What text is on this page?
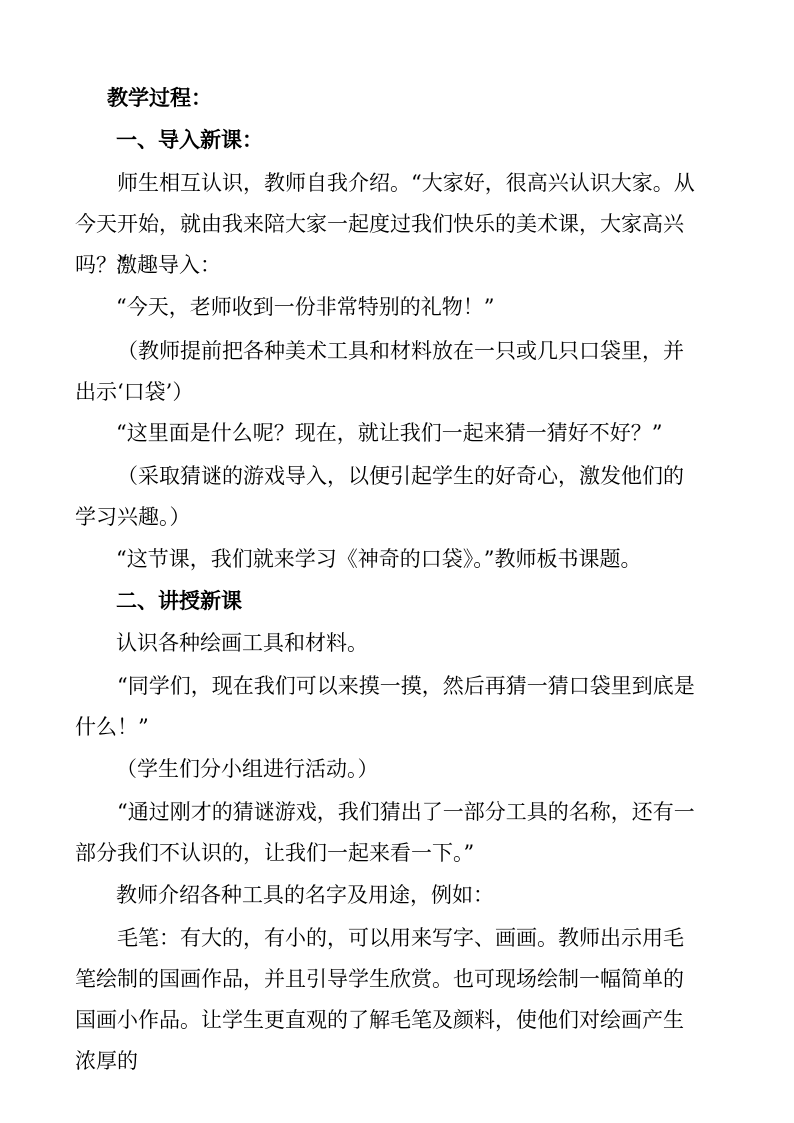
教学过程：
一、导入新课：
师生相互认识，教师自我介绍。“大家好，很高兴认识大家。从今天开始，就由我来陪大家一起度过我们快乐的美术课，大家高兴吗？”
激趣导入：
“今天，老师收到一份非常特别的礼物！”
（教师提前把各种美术工具和材料放在一只或几只口袋里，并出示‘口袋’）
“这里面是什么呢？现在，就让我们一起来猜一猜好不好？”
（采取猜谜的游戏导入，以便引起学生的好奇心，激发他们的学习兴趣。）
“这节课，我们就来学习《神奇的口袋》。”教师板书课题。
二、讲授新课
认识各种绘画工具和材料。
“同学们，现在我们可以来摸一摸，然后再猜一猜口袋里到底是什么！”
（学生们分小组进行活动。）
“通过刚才的猜谜游戏，我们猜出了一部分工具的名称，还有一部分我们不认识的，让我们一起来看一下。”
教师介绍各种工具的名字及用途，例如：
毛笔：有大的，有小的，可以用来写字、画画。教师出示用毛笔绘制的国画作品，并且引导学生欣赏。也可现场绘制一幅简单的国画小作品。让学生更直观的了解毛笔及颜料，使他们对绘画产生浓厚的
